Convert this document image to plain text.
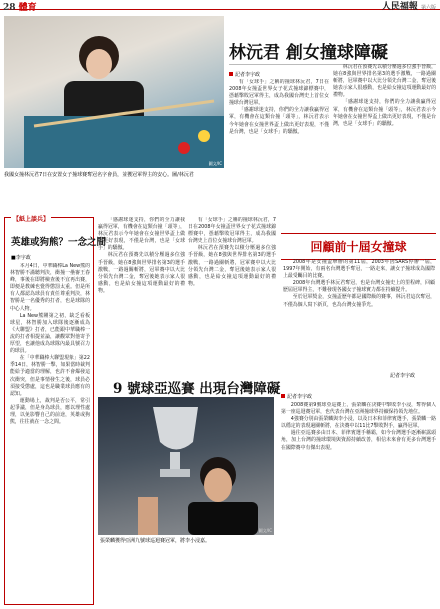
28 體育	人民福報 第六版
圖文/IC
我國女撞林沅君7日在安置女子撞球賽奪冠名字會員，並獲冠軍得主的安心。圖/林沅君
林沅君 創女撞球障礙
記者李宇政

有「女球手」之稱的撞球林沅君，7日在2008年女撞盃世界女子花式撞球錦標賽中，憑藉擊敗冠軍得主，成為我國台灣史上首位女撞球台灣冠軍。

「感謝球迷支持，你們的全力讓我贏得冠軍，有機會在這類台撞「頭等」，林沅君表示今年她會在女撞世界盃上做出更好表現，不僅是台灣，也是「女球手」的驕傲。

林沅君在預賽先以積分壓過多位強手晉級，她在8強與世界排名第3的選手激戰，一路過關斬將，冠軍賽中以大比分領先台灣二金，奪冠後她表示家人很感動，也是給女撞這項運動最好的禮物。

「感謝球迷支持，你們的全力讓我贏得冠軍，有機會在這類台撞「頭等」，林沅君表示今年她會在女撞世界盃上做出更好表現，不僅是台灣，也是「女球手」的驕傲。

【紙上談兵】
英雄或狗熊？一念之間
■李宇政

本月4日，中華職棒La New熊的林智勝不滿聽判決，衝撞一壘審王春峰，事後在即將檢查後不宜再出賽，即便是教練也覺得懲罰太重。但是所有人都認為球員有責任尊重判決，林智勝是一名優秀的打者，也是球隊的中心人物。

La New熊剛第之初，缺乏看板球星，林智勝加入球隊後逐漸成為《大聯盟》打者，已能跟中華職棒一流的打者相提並論，讓觀眾對他寄予厚望，也讓他成為球隊內最具號召力的球員。

在「中華職棒大聯盟現象」第22季14日，林智勝一擊，如果當時裁判能給予適當的理解，也許不會爆發這次衝突，但是事情發生之後，球員必須接受懲處，這也是職業球員應有的認知。

運動場上，裁判是否公平，常引起爭議，但是身為球員，應以理性處理，以免影響自己的前途，英雄或狗熊，往往就在一念之間。

「感謝球迷支持，你們的全力讓我贏得冠軍，有機會在這類台撞「頭等」，林沅君表示今年她會在女撞世界盃上做出更好表現，不僅是台灣，也是「女球手」的驕傲。

林沅君在預賽先以積分壓過多位強手晉級，她在8強與世界排名第3的選手激戰，一路過關斬將，冠軍賽中以大比分領先台灣二金，奪冠後她表示家人很感動，也是給女撞這項運動最好的禮物。

有「女球手」之稱的撞球林沅君，7日在2008年女撞盃世界女子花式撞球錦標賽中，憑藉擊敗冠軍得主，成為我國台灣史上首位女撞球台灣冠軍。

林沅君在預賽先以積分壓過多位強手晉級，她在8強與世界排名第3的選手激戰，一路過關斬將，冠軍賽中以大比分領先台灣二金，奪冠後她表示家人很感動，也是給女撞這項運動最好的禮物。

回顧前十屆女撞球

2008年是女撞盃舉辦的第11屆，2003年因SARS停辦一屆，1997年開始，有兩名台灣選手奪冠，一路走來，讓女子撞球成為國際上最受矚目的比賽。

2008年台灣選手林沅君奪冠，也是台灣女撞史上的里程碑，回顧歷屆冠軍得主，不難發現各國女子撞球實力都在持續提升。

至於冠軍獎金，女撞盃歷年都是國際級的賽事，林沅君這次奪冠，不僅為個人寫下新頁，也為台灣女撞爭光。

記者李宇政
9 號球亞巡賽 出現台灣障礙
圖文/IC
張榮麟獲得亞洲九號球巡迴賽冠軍，將李小浸嘉。
記者李宇政

2008賽第9號球亞巡賽上，張榮麟在決賽中擊敗李小浸，奪得個人第一座巡迴賽冠軍，也代表台灣在亞洲撞球界持續保持領先地位。

4強賽分別由張榮麟與李小浸，以及日本和菲律賓選手，張榮麟一路以穩定的表現過關斬將，在決賽中以11比7擊敗對手，贏得冠軍。

過往亞巡賽多由日本、菲律賓選手稱霸，如今台灣選手逐漸嶄露頭角，加上台灣的撞球環境與資源持續改善，相信未來會有更多台灣選手在國際賽中有傑出表現。
